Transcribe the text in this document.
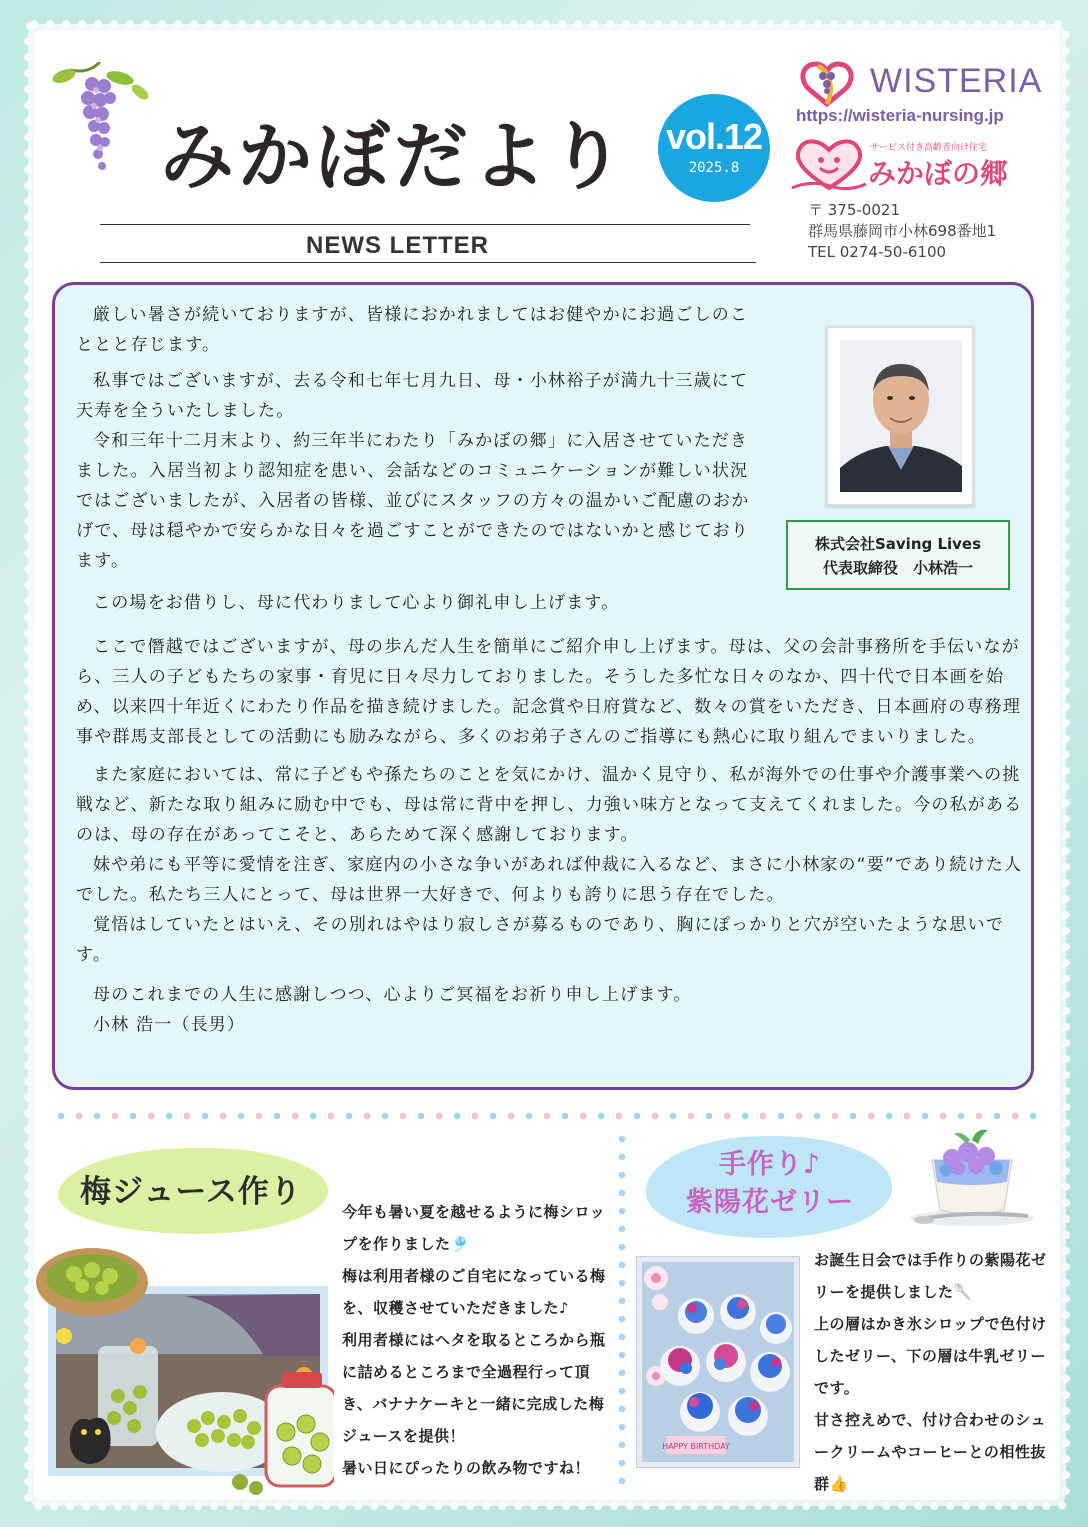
みかぼだより vol.12
2025.8
NEWS LETTER
WISTERIA
https://wisteria-nursing.jp
サービス付き高齢者向け住宅
みかぼの郷
〒 375-0021
群馬県藤岡市小林698番地1
TEL 0274-50-6100

厳しい暑さが続いておりますが、皆様におかれましてはお健やかにお過ごしのこととと存じます。

私事ではございますが、去る令和七年七月九日、母・小林裕子が満九十三歳にて天寿を全ういたしました。

令和三年十二月末より、約三年半にわたり「みかぼの郷」に入居させていただきました。入居当初より認知症を患い、会話などのコミュニケーションが難しい状況ではございましたが、入居者の皆様、並びにスタッフの方々の温かいご配慮のおかげで、母は穏やかで安らかな日々を過ごすことができたのではないかと感じております。

この場をお借りし、母に代わりまして心より御礼申し上げます。

ここで僭越ではございますが、母の歩んだ人生を簡単にご紹介申し上げます。母は、父の会計事務所を手伝いながら、三人の子どもたちの家事・育児に日々尽力しておりました。そうした多忙な日々のなか、四十代で日本画を始め、以来四十年近くにわたり作品を描き続けました。記念賞や日府賞など、数々の賞をいただき、日本画府の専務理事や群馬支部長としての活動にも励みながら、多くのお弟子さんのご指導にも熱心に取り組んでまいりました。

また家庭においては、常に子どもや孫たちのことを気にかけ、温かく見守り、私が海外での仕事や介護事業への挑戦など、新たな取り組みに励む中でも、母は常に背中を押し、力強い味方となって支えてくれました。今の私があるのは、母の存在があってこそと、あらためて深く感謝しております。

妹や弟にも平等に愛情を注ぎ、家庭内の小さな争いがあれば仲裁に入るなど、まさに小林家の“要”であり続けた人でした。私たち三人にとって、母は世界一大好きで、何よりも誇りに思う存在でした。

覚悟はしていたとはいえ、その別れはやはり寂しさが募るものであり、胸にぽっかりと穴が空いたような思いです。

母のこれまでの人生に感謝しつつ、心よりご冥福をお祈り申し上げます。

小林 浩一（長男）

株式会社Saving Lives
代表取締役　小林浩一
梅ジュース作り
今年も暑い夏を越せるように梅シロップを作りました🎐
梅は利用者様のご自宅になっている梅を、収穫させていただきました♪
利用者様にはヘタを取るところから瓶に詰めるところまで全過程行って頂き、バナナケーキと一緒に完成した梅ジュースを提供！
暑い日にぴったりの飲み物ですね！
手作り♪
紫陽花ゼリー
HAPPY BIRTHDAY
お誕生日会では手作りの紫陽花ゼリーを提供しました🥄
上の層はかき氷シロップで色付けしたゼリー、下の層は牛乳ゼリーです。
甘さ控えめで、付け合わせのシュークリームやコーヒーとの相性抜群👍
